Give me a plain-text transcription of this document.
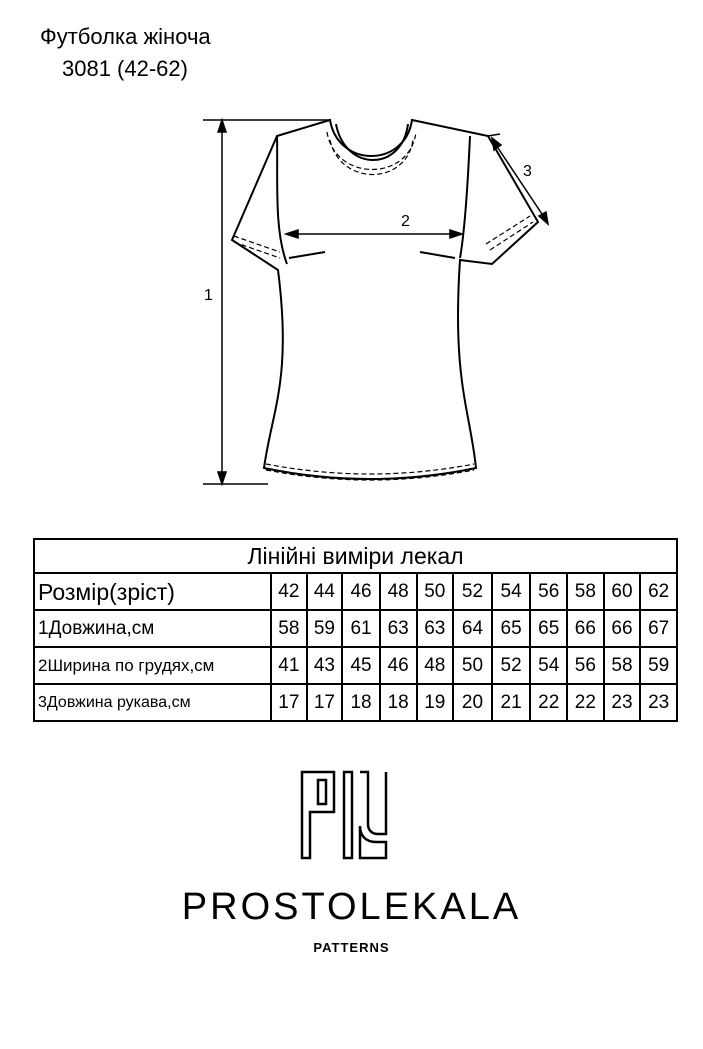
Футболка жіноча
3081 (42-62)
1
2
3
Лінійні виміри лекал											
Розмір(зріст)	42	44	46	48	50	52	54	56	58	60	62
1Довжина,см	58	59	61	63	63	64	65	65	66	66	67
2Ширина по грудях,см	41	43	45	46	48	50	52	54	56	58	59
3Довжина рукава,см	17	17	18	18	19	20	21	22	22	23	23
PROSTOLEKALA
PATTERNS
